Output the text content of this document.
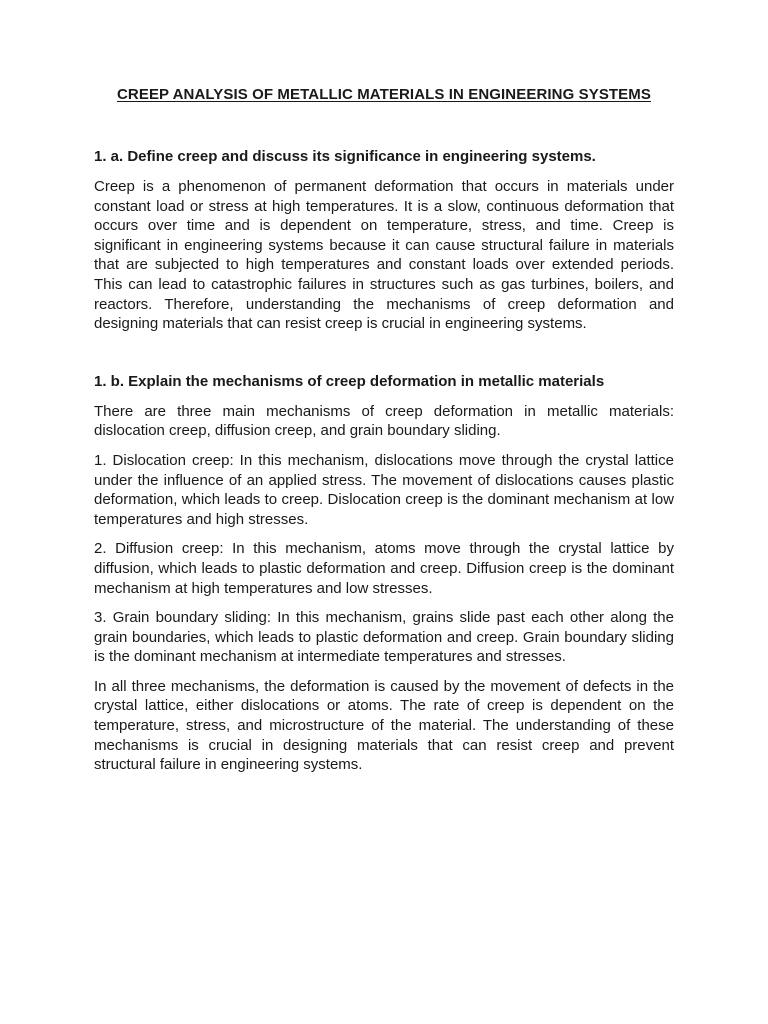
CREEP ANALYSIS OF METALLIC MATERIALS IN ENGINEERING SYSTEMS
1. a. Define creep and discuss its significance in engineering systems.

Creep is a phenomenon of permanent deformation that occurs in materials under constant load or stress at high temperatures. It is a slow, continuous deformation that occurs over time and is dependent on temperature, stress, and time. Creep is significant in engineering systems because it can cause structural failure in materials that are subjected to high temperatures and constant loads over extended periods. This can lead to catastrophic failures in structures such as gas turbines, boilers, and reactors. Therefore, understanding the mechanisms of creep deformation and designing materials that can resist creep is crucial in engineering systems.

1. b. Explain the mechanisms of creep deformation in metallic materials

There are three main mechanisms of creep deformation in metallic materials: dislocation creep, diffusion creep, and grain boundary sliding.

1. Dislocation creep: In this mechanism, dislocations move through the crystal lattice under the influence of an applied stress. The movement of dislocations causes plastic deformation, which leads to creep. Dislocation creep is the dominant mechanism at low temperatures and high stresses.

2. Diffusion creep: In this mechanism, atoms move through the crystal lattice by diffusion, which leads to plastic deformation and creep. Diffusion creep is the dominant mechanism at high temperatures and low stresses.

3. Grain boundary sliding: In this mechanism, grains slide past each other along the grain boundaries, which leads to plastic deformation and creep. Grain boundary sliding is the dominant mechanism at intermediate temperatures and stresses.

In all three mechanisms, the deformation is caused by the movement of defects in the crystal lattice, either dislocations or atoms. The rate of creep is dependent on the temperature, stress, and microstructure of the material. The understanding of these mechanisms is crucial in designing materials that can resist creep and prevent structural failure in engineering systems.
